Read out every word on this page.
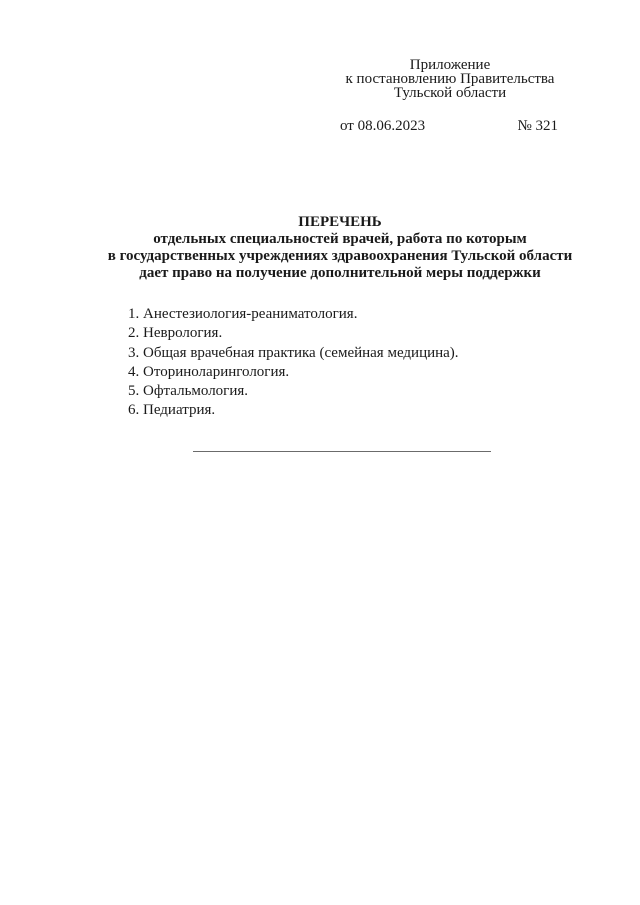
Приложение
к постановлению Правительства
Тульской области
от 08.06.2023	№ 321
ПЕРЕЧЕНЬ
отдельных специальностей врачей, работа по которым
в государственных учреждениях здравоохранения Тульской области
дает право на получение дополнительной меры поддержки
1. Анестезиология-реаниматология.
2. Неврология.
3. Общая врачебная практика (семейная медицина).
4. Оториноларингология.
5. Офтальмология.
6. Педиатрия.
